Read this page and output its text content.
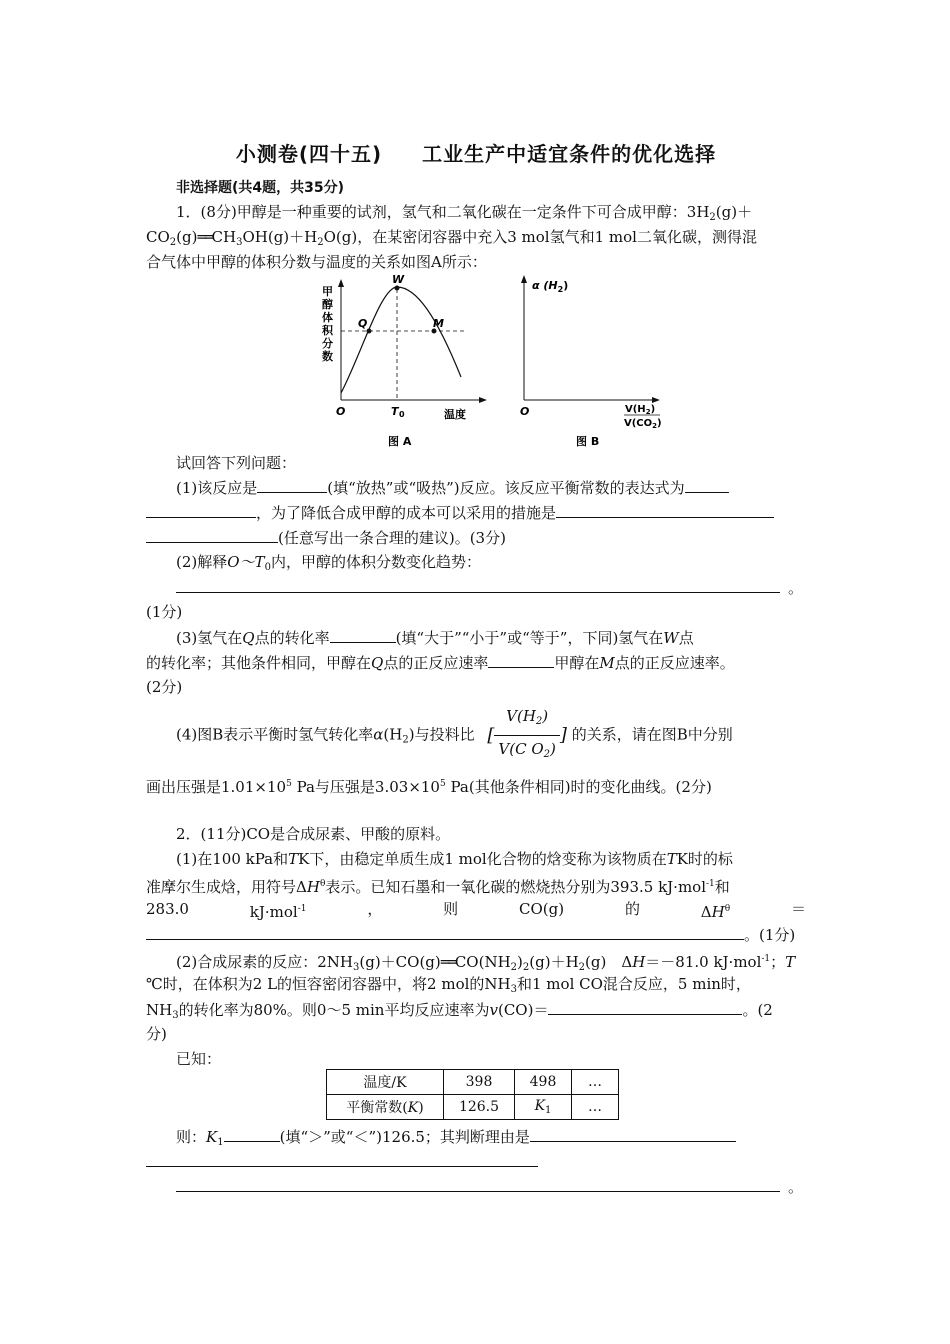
小测卷(四十五) 工业生产中适宜条件的优化选择
非选择题(共4题，共35分)
1．(8分)甲醇是一种重要的试剂，氢气和二氧化碳在一定条件下可合成甲醇：$3H_2(g)+$
$CO_2(g)══CH_3OH(g)+H_2O(g)$，在某密闭容器中充入3 mol氢气和1 mol二氧化碳，测得混
合气体中甲醇的体积分数与温度的关系如图A所示：
甲
醇
体
积
分
数
O
W
Q	M
T 0	温度
图 A
α $(H_2)$
O	$V(H_2)$
$V(CO_2)$
图 B
试回答下列问题：
(1)该反应是	(填“放热”或“吸热”)反应。该反应平衡常数的表达式为
，为了降低合成甲醇的成本可以采用的措施是
(任意写出一条合理的建议)。(3分)
(2)解释$O\sim T_0$内，甲醇的体积分数变化趋势：
。
(1分)
(3)氢气在Q点的转化率	(填“大于”“小于”或“等于”，下同)氢气在W点
的转化率；其他条件相同，甲醇在Q点的正反应速率	甲醇在M点的正反应速率。
(2分)
(4)图B表示平衡时氢气转化率$\alpha(H_2)$与投料比 [ $\frac{V(H_2)}{V(C O_2)}$ ] 的关系，请在图B中分别
画出压强是$1.01\times 10^5$ Pa与压强是$3.03\times 10^5$ Pa(其他条件相同)时的变化曲线。(2分)
2．(11分)CO是合成尿素、甲酸的原料。
(1)在100 kPa和TK下，由稳定单质生成1 mol化合物的焓变称为该物质在TK时的标
准摩尔生成焓，用符号$\Delta H^\theta$表示。已知石墨和一氧化碳的燃烧热分别为393.5 kJ·mol$^{-1}$和
283.0	kJ·mol$^{-1}$	，	则	CO(g)	的	$\Delta H^\theta$	＝
。(1分)
(2)合成尿素的反应：$2NH_3(g)+CO(g)══CO(NH_2)_2(g)+H_2(g)$　ΔH＝－81.0 kJ·mol$^{-1}$；T
℃时，在体积为2 L的恒容密闭容器中，将2 mol的$NH_3$和1 mol CO混合反应，5 min时，
$NH_3$的转化率为80%。则0～5 min平均反应速率为v(CO)＝	。(2
分)
已知：
温度/K	398	498	…
平衡常数(K)	126.5	$K_1$	…
则：$K_1$	(填“＞”或“＜”)126.5；其判断理由是
。
